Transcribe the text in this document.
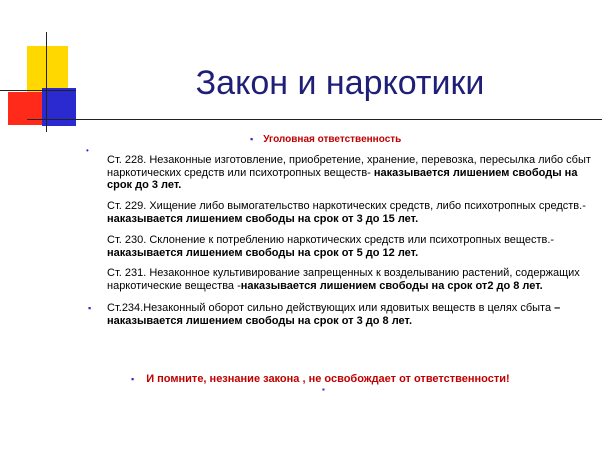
Закон и наркотики
▪ Уголовная ответственность
•
Ст. 228. Незаконные изготовление, приобретение, хранение, перевозка, пересылка либо сбыт наркотических средств или психотропных веществ- наказывается лишением свободы на срок до 3 лет.
Ст. 229. Хищение либо вымогательство наркотических средств, либо психотропных средств.- наказывается лишением свободы на срок от 3 до 15 лет.
Ст. 230. Склонение к потреблению наркотических средств или психотропных веществ.- наказывается лишением свободы на срок от 5 до 12 лет.
Ст. 231. Незаконное культивирование запрещенных к возделыванию растений, содержащих наркотические вещества -наказывается лишением свободы на срок от2 до 8 лет.
▪ Ст.234.Незаконный оборот сильно действующих или ядовитых веществ в целях сбыта – наказывается лишением свободы на срок от 3 до 8 лет.
▪ И помните, незнание закона , не освобождает от ответственности!
▪
